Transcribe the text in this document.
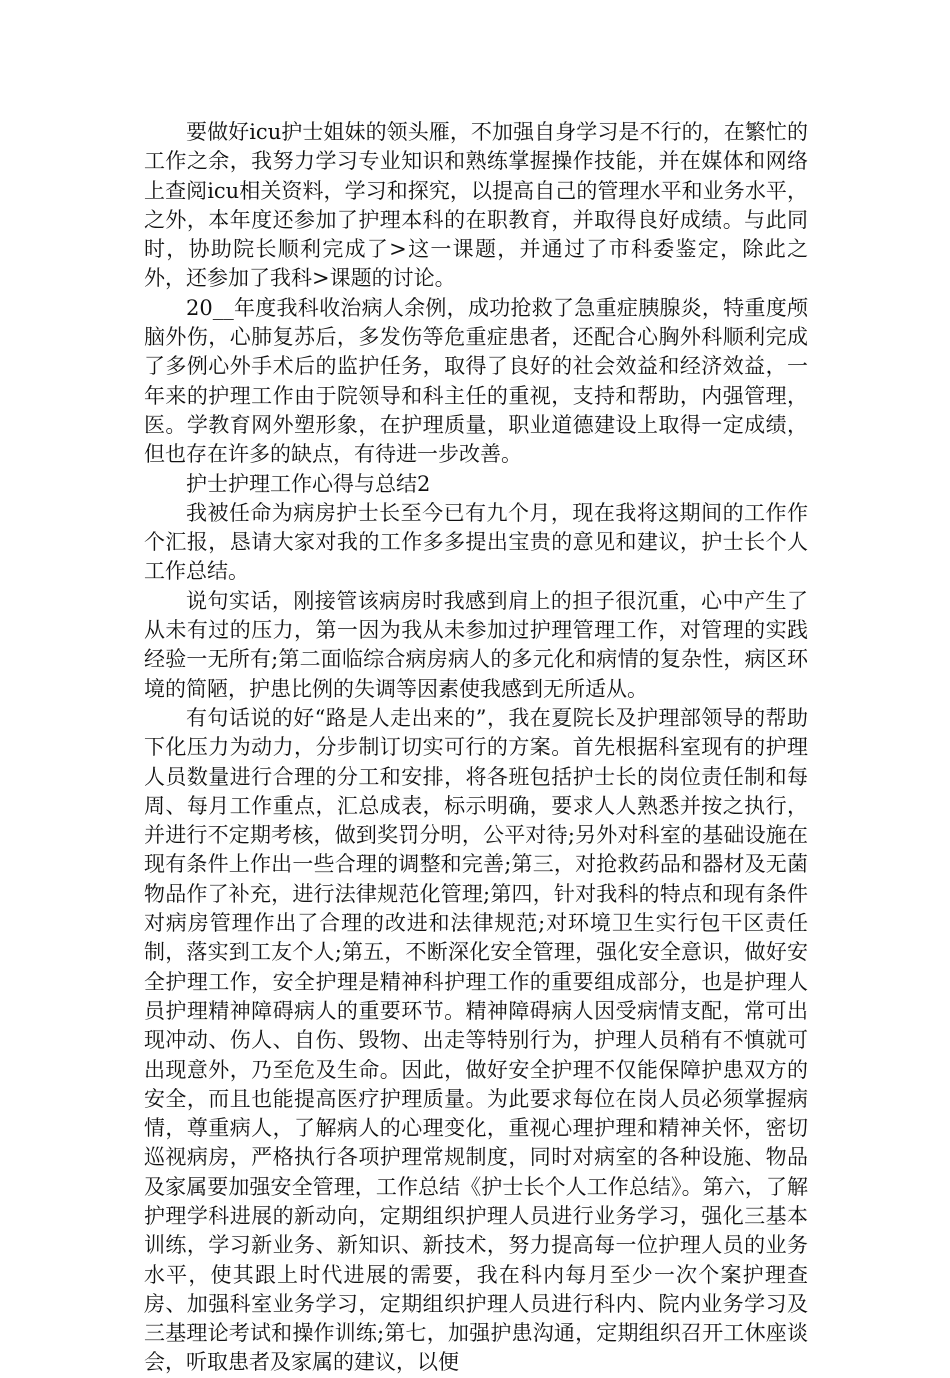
要做好icu护士姐妹的领头雁，不加强自身学习是不行的，在繁忙的工作之余，我努力学习专业知识和熟练掌握操作技能，并在媒体和网络上查阅icu相关资料，学习和探究，以提高自己的管理水平和业务水平，之外，本年度还参加了护理本科的在职教育，并取得良好成绩。与此同时，协助院长顺利完成了>这一课题，并通过了市科委鉴定，除此之外，还参加了我科>课题的讨论。

20__年度我科收治病人余例，成功抢救了急重症胰腺炎，特重度颅脑外伤，心肺复苏后，多发伤等危重症患者，还配合心胸外科顺利完成了多例心外手术后的监护任务，取得了良好的社会效益和经济效益，一年来的护理工作由于院领导和科主任的重视，支持和帮助，内强管理，医。学教育网外塑形象，在护理质量，职业道德建设上取得一定成绩，但也存在许多的缺点，有待进一步改善。

护士护理工作心得与总结2

我被任命为病房护士长至今已有九个月，现在我将这期间的工作作个汇报，恳请大家对我的工作多多提出宝贵的意见和建议，护士长个人工作总结。

说句实话，刚接管该病房时我感到肩上的担子很沉重，心中产生了从未有过的压力，第一因为我从未参加过护理管理工作，对管理的实践经验一无所有;第二面临综合病房病人的多元化和病情的复杂性，病区环境的简陋，护患比例的失调等因素使我感到无所适从。

有句话说的好“路是人走出来的”，我在夏院长及护理部领导的帮助下化压力为动力，分步制订切实可行的方案。首先根据科室现有的护理人员数量进行合理的分工和安排，将各班包括护士长的岗位责任制和每周、每月工作重点，汇总成表，标示明确，要求人人熟悉并按之执行，并进行不定期考核，做到奖罚分明，公平对待;另外对科室的基础设施在现有条件上作出一些合理的调整和完善;第三，对抢救药品和器材及无菌物品作了补充，进行法律规范化管理;第四，针对我科的特点和现有条件对病房管理作出了合理的改进和法律规范;对环境卫生实行包干区责任制，落实到工友个人;第五，不断深化安全管理，强化安全意识，做好安全护理工作，安全护理是精神科护理工作的重要组成部分，也是护理人员护理精神障碍病人的重要环节。精神障碍病人因受病情支配，常可出现冲动、伤人、自伤、毁物、出走等特别行为，护理人员稍有不慎就可出现意外，乃至危及生命。因此，做好安全护理不仅能保障护患双方的安全，而且也能提高医疗护理质量。为此要求每位在岗人员必须掌握病情，尊重病人，了解病人的心理变化，重视心理护理和精神关怀，密切巡视病房，严格执行各项护理常规制度，同时对病室的各种设施、物品及家属要加强安全管理，工作总结《护士长个人工作总结》。第六，了解护理学科进展的新动向，定期组织护理人员进行业务学习，强化三基本训练，学习新业务、新知识、新技术，努力提高每一位护理人员的业务水平，使其跟上时代进展的需要，我在科内每月至少一次个案护理查房、加强科室业务学习，定期组织护理人员进行科内、院内业务学习及三基理论考试和操作训练;第七，加强护患沟通，定期组织召开工休座谈会，听取患者及家属的建议，以便
